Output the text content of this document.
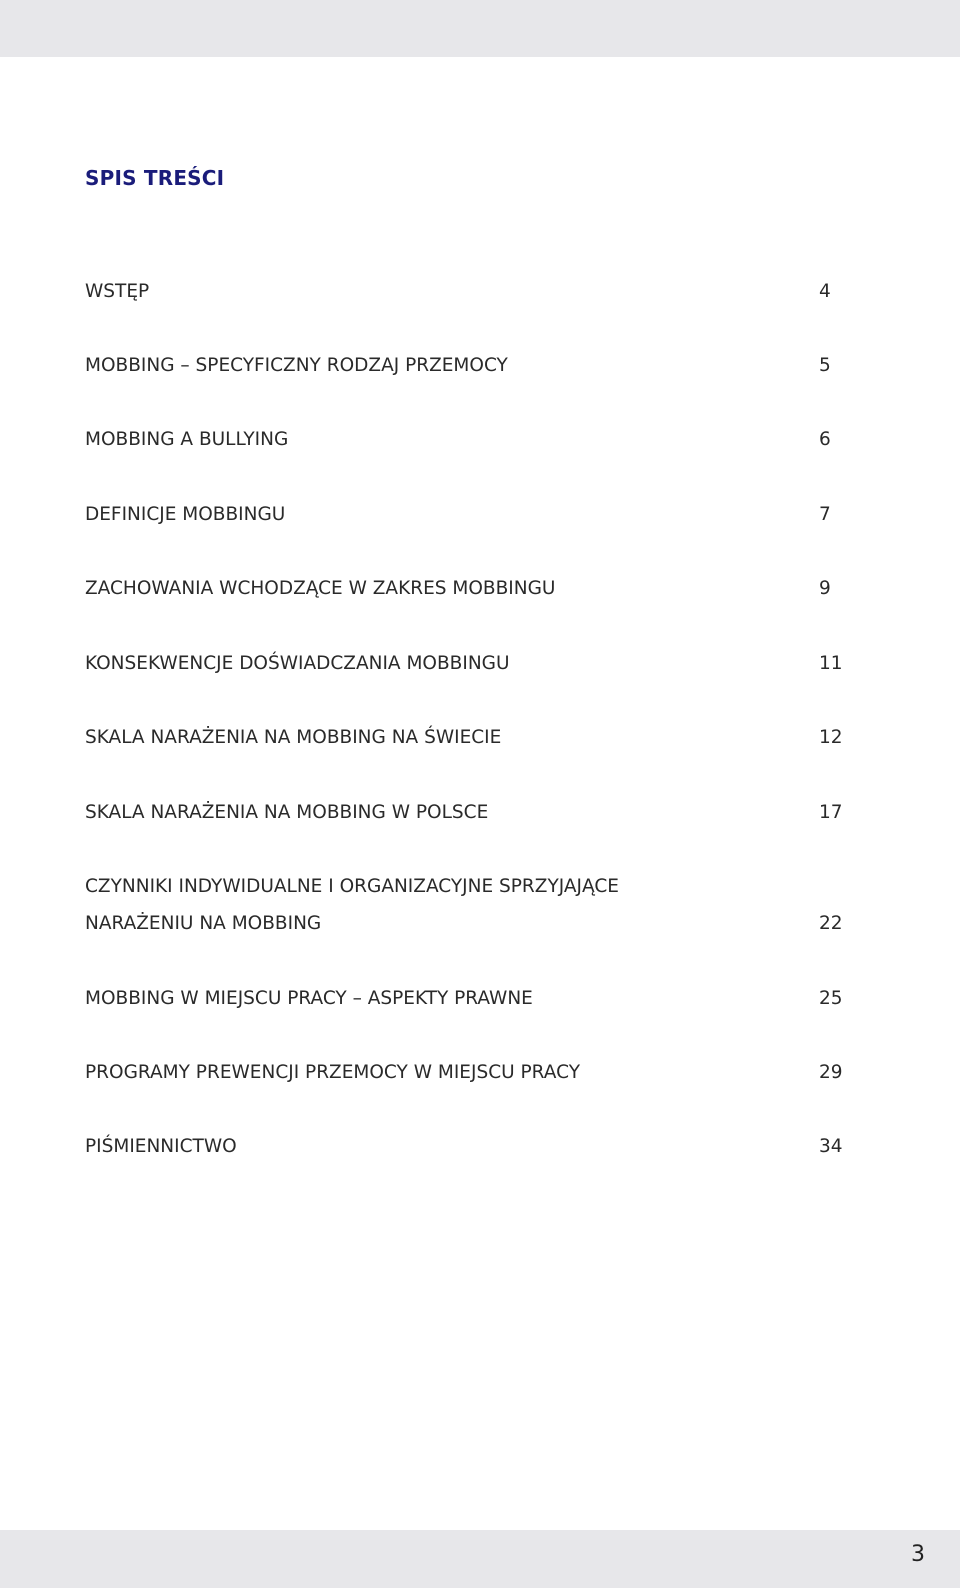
SPIS TREŚCI
WSTĘP	4
MOBBING – SPECYFICZNY RODZAJ PRZEMOCY	5
MOBBING A BULLYING	6
DEFINICJE MOBBINGU	7
ZACHOWANIA WCHODZĄCE W ZAKRES MOBBINGU	9
KONSEKWENCJE DOŚWIADCZANIA MOBBINGU	11
SKALA NARAŻENIA NA MOBBING NA ŚWIECIE	12
SKALA NARAŻENIA NA MOBBING W POLSCE	17
CZYNNIKI INDYWIDUALNE I ORGANIZACYJNE SPRZYJAJĄCE
NARAŻENIU NA MOBBING	22
MOBBING W MIEJSCU PRACY – ASPEKTY PRAWNE	25
PROGRAMY PREWENCJI PRZEMOCY W MIEJSCU PRACY	29
PIŚMIENNICTWO	34
3
